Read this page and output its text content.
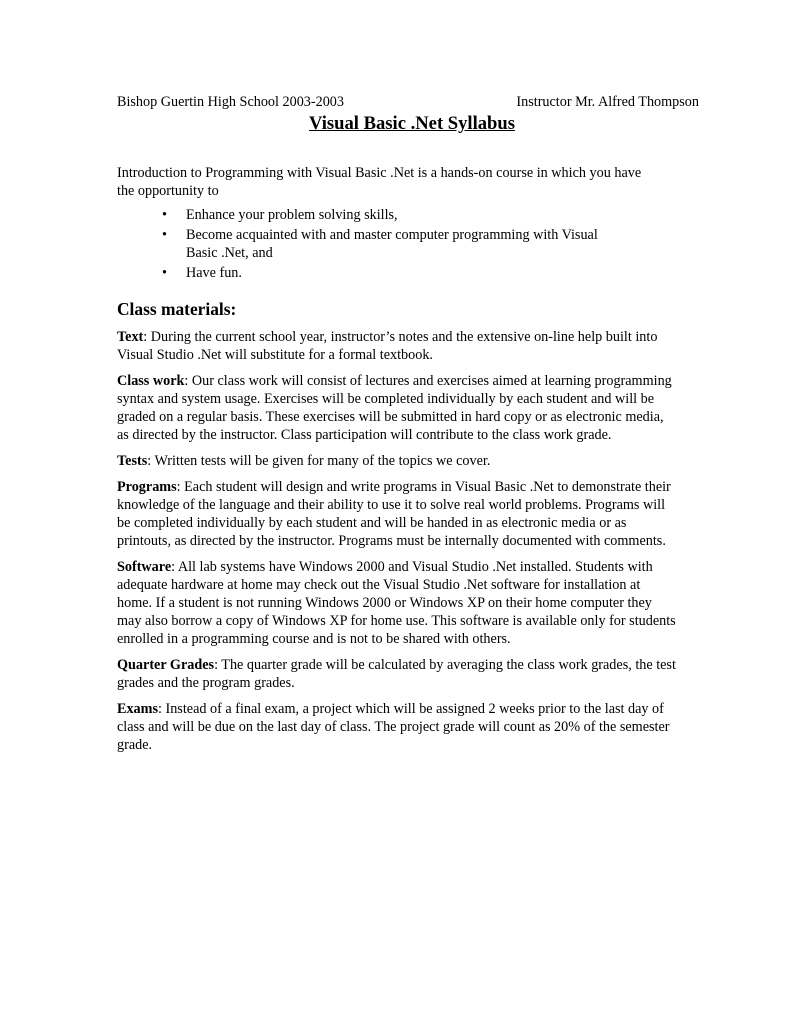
Bishop Guertin High School 2003-2003	Instructor Mr. Alfred Thompson
Visual Basic .Net Syllabus
Introduction to Programming with Visual Basic .Net is a hands-on course in which you have the opportunity to
• Enhance your problem solving skills,
• Become acquainted with and master computer programming with Visual Basic .Net, and
• Have fun.
Class materials:
Text: During the current school year, instructor’s notes and the extensive on-line help built into Visual Studio .Net will substitute for a formal textbook.
Class work: Our class work will consist of lectures and exercises aimed at learning programming syntax and system usage. Exercises will be completed individually by each student and will be graded on a regular basis. These exercises will be submitted in hard copy or as electronic media, as directed by the instructor. Class participation will contribute to the class work grade.
Tests: Written tests will be given for many of the topics we cover.
Programs: Each student will design and write programs in Visual Basic .Net to demonstrate their knowledge of the language and their ability to use it to solve real world problems. Programs will be completed individually by each student and will be handed in as electronic media or as printouts, as directed by the instructor. Programs must be internally documented with comments.
Software: All lab systems have Windows 2000 and Visual Studio .Net installed. Students with adequate hardware at home may check out the Visual Studio .Net software for installation at home. If a student is not running Windows 2000 or Windows XP on their home computer they may also borrow a copy of Windows XP for home use. This software is available only for students enrolled in a programming course and is not to be shared with others.
Quarter Grades: The quarter grade will be calculated by averaging the class work grades, the test grades and the program grades.
Exams: Instead of a final exam, a project which will be assigned 2 weeks prior to the last day of class and will be due on the last day of class. The project grade will count as 20% of the semester grade.
